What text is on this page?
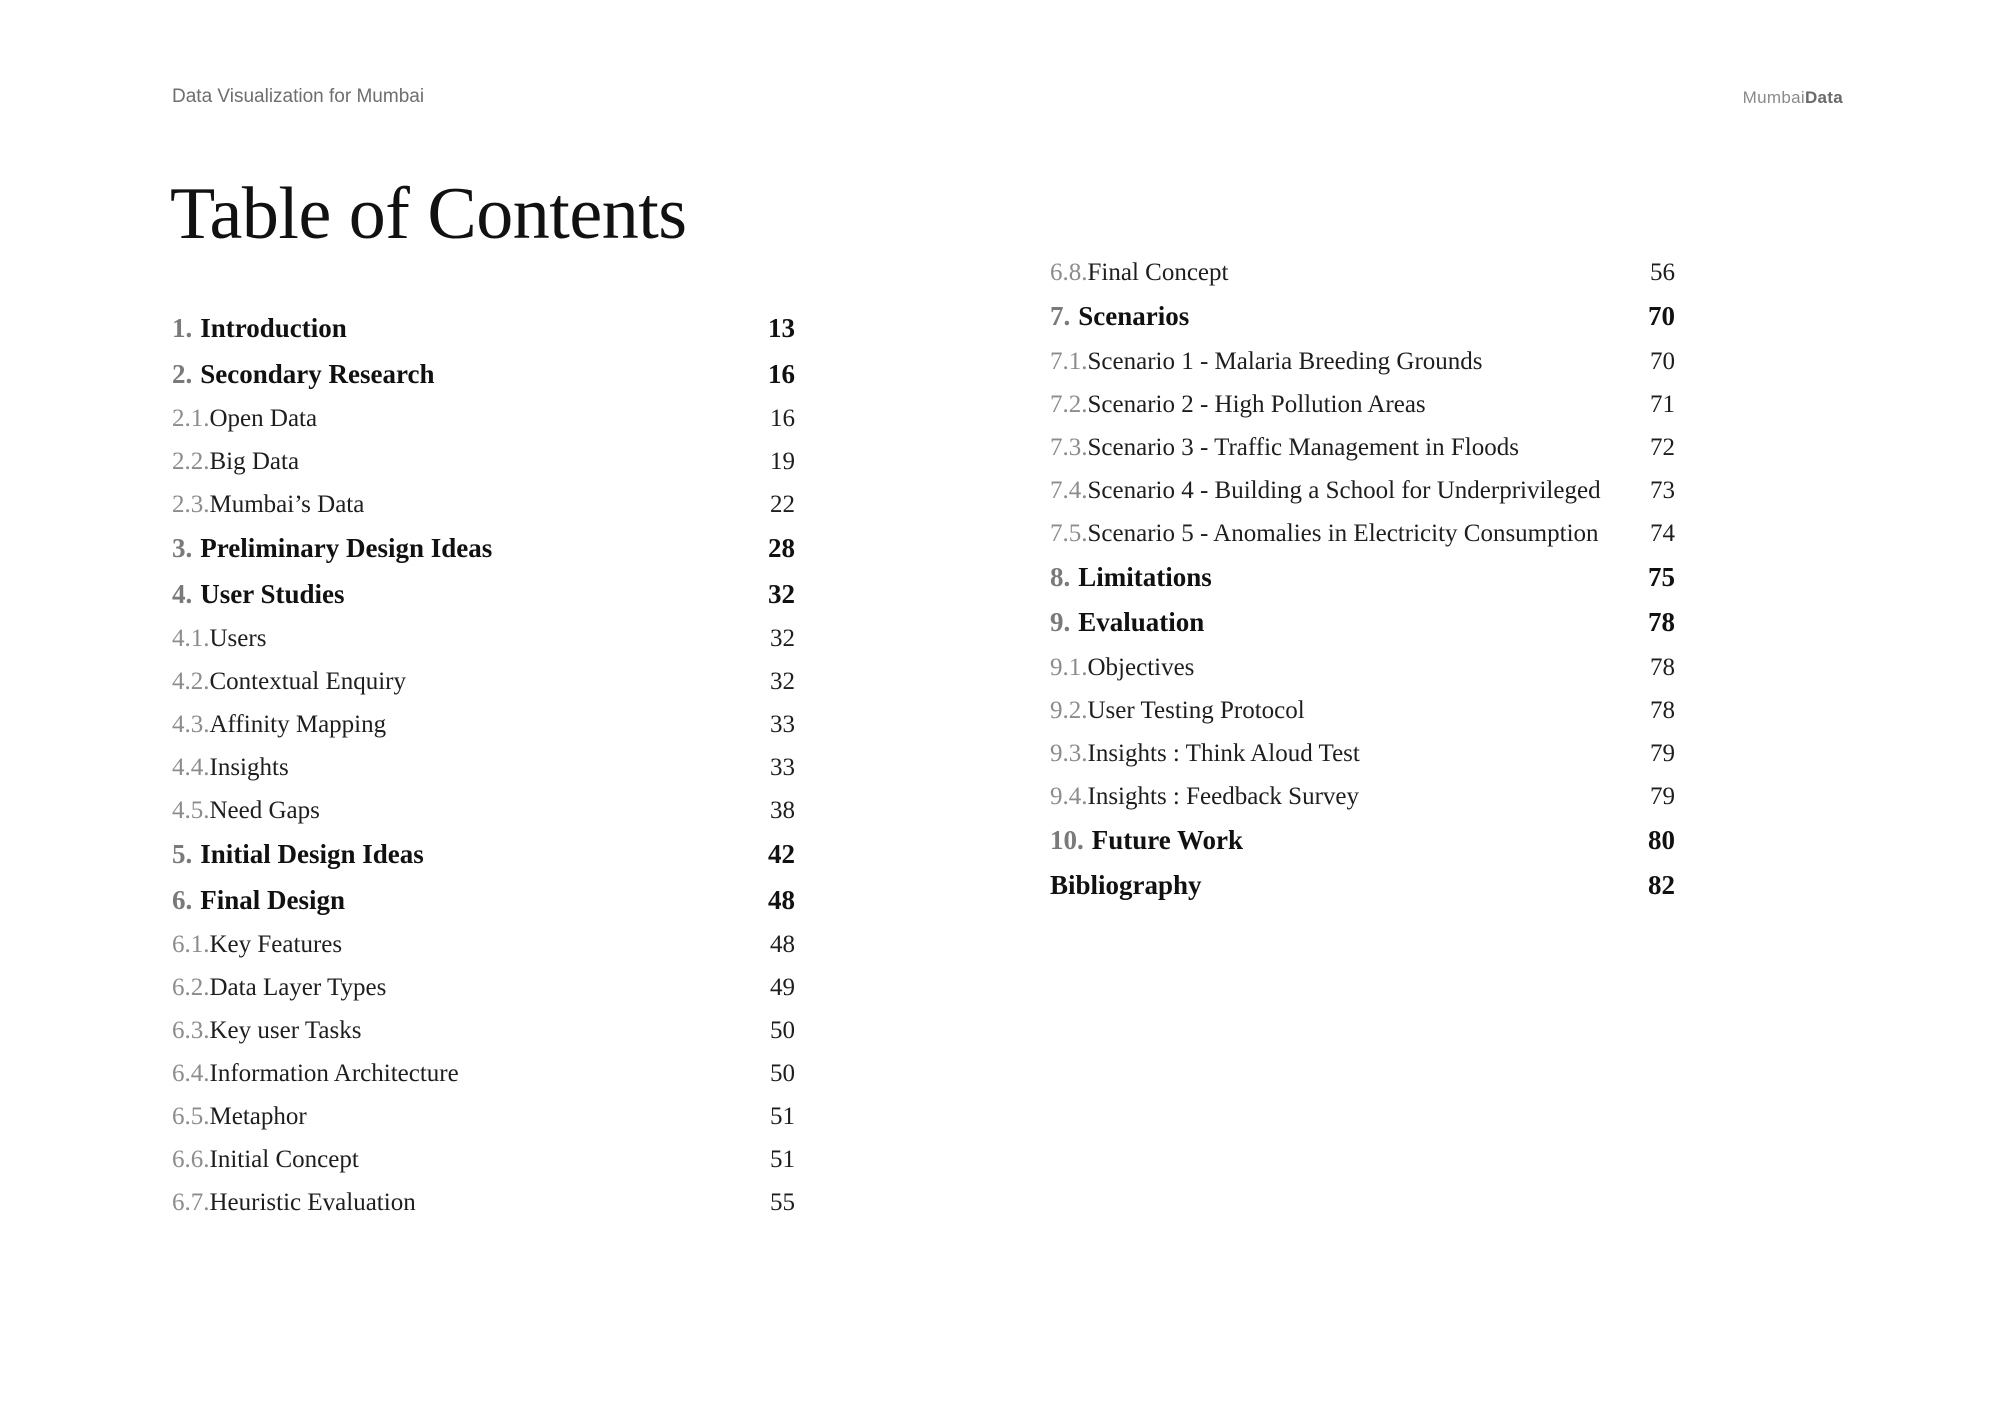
Data Visualization for Mumbai	MumbaiData
Table of Contents
1. Introduction	13
2. Secondary Research	16
2.1.Open Data	16
2.2.Big Data	19
2.3.Mumbai’s Data	22
3. Preliminary Design Ideas	28
4. User Studies	32
4.1.Users	32
4.2.Contextual Enquiry	32
4.3.Affinity Mapping	33
4.4.Insights	33
4.5.Need Gaps	38
5. Initial Design Ideas	42
6. Final Design	48
6.1.Key Features	48
6.2.Data Layer Types	49
6.3.Key user Tasks	50
6.4.Information Architecture	50
6.5.Metaphor	51
6.6.Initial Concept	51
6.7.Heuristic Evaluation	55
6.8.Final Concept	56
7. Scenarios	70
7.1.Scenario 1 - Malaria Breeding Grounds	70
7.2.Scenario 2 - High Pollution Areas	71
7.3.Scenario 3 - Traffic Management in Floods	72
7.4.Scenario 4 - Building a School for Underprivileged 73
7.5.Scenario 5 - Anomalies in Electricity Consumption 74
8. Limitations	75
9. Evaluation	78
9.1.Objectives	78
9.2.User Testing Protocol	78
9.3.Insights : Think Aloud Test	79
9.4.Insights : Feedback Survey	79
10. Future Work	80
Bibliography	82
